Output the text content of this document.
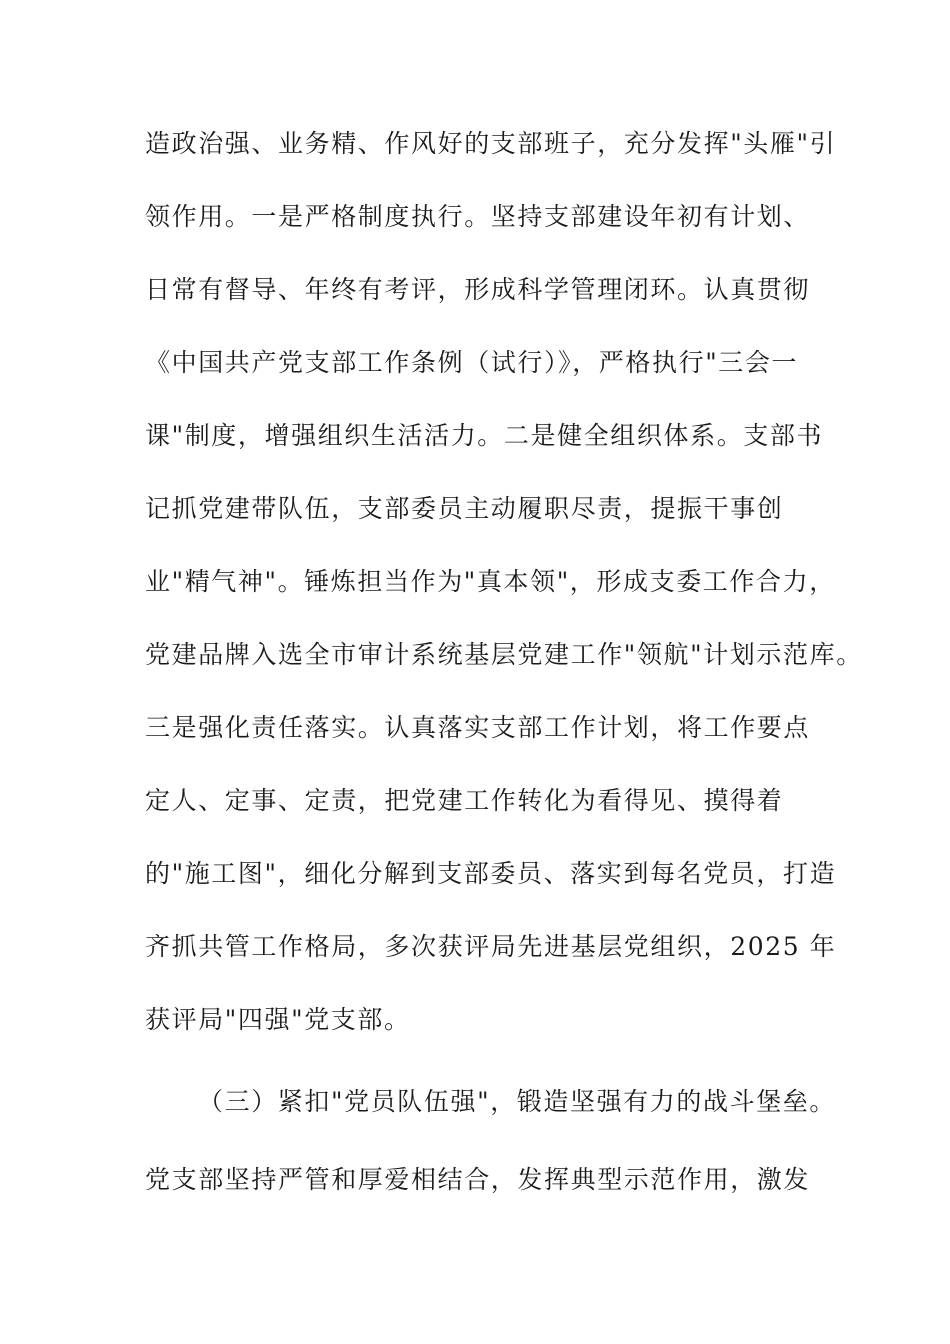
造政治强、业务精、作风好的支部班子，充分发挥"头雁"引
领作用。一是严格制度执行。坚持支部建设年初有计划、
日常有督导、年终有考评，形成科学管理闭环。认真贯彻
《中国共产党支部工作条例（试行）》，严格执行"三会一
课"制度，增强组织生活活力。二是健全组织体系。支部书
记抓党建带队伍，支部委员主动履职尽责，提振干事创
业"精气神"。锤炼担当作为"真本领"，形成支委工作合力，
党建品牌入选全市审计系统基层党建工作"领航"计划示范库。
三是强化责任落实。认真落实支部工作计划，将工作要点
定人、定事、定责，把党建工作转化为看得见、摸得着
的"施工图"，细化分解到支部委员、落实到每名党员，打造
齐抓共管工作格局，多次获评局先进基层党组织，2025 年
获评局"四强"党支部。
（三）紧扣"党员队伍强"，锻造坚强有力的战斗堡垒。
党支部坚持严管和厚爱相结合，发挥典型示范作用，激发
